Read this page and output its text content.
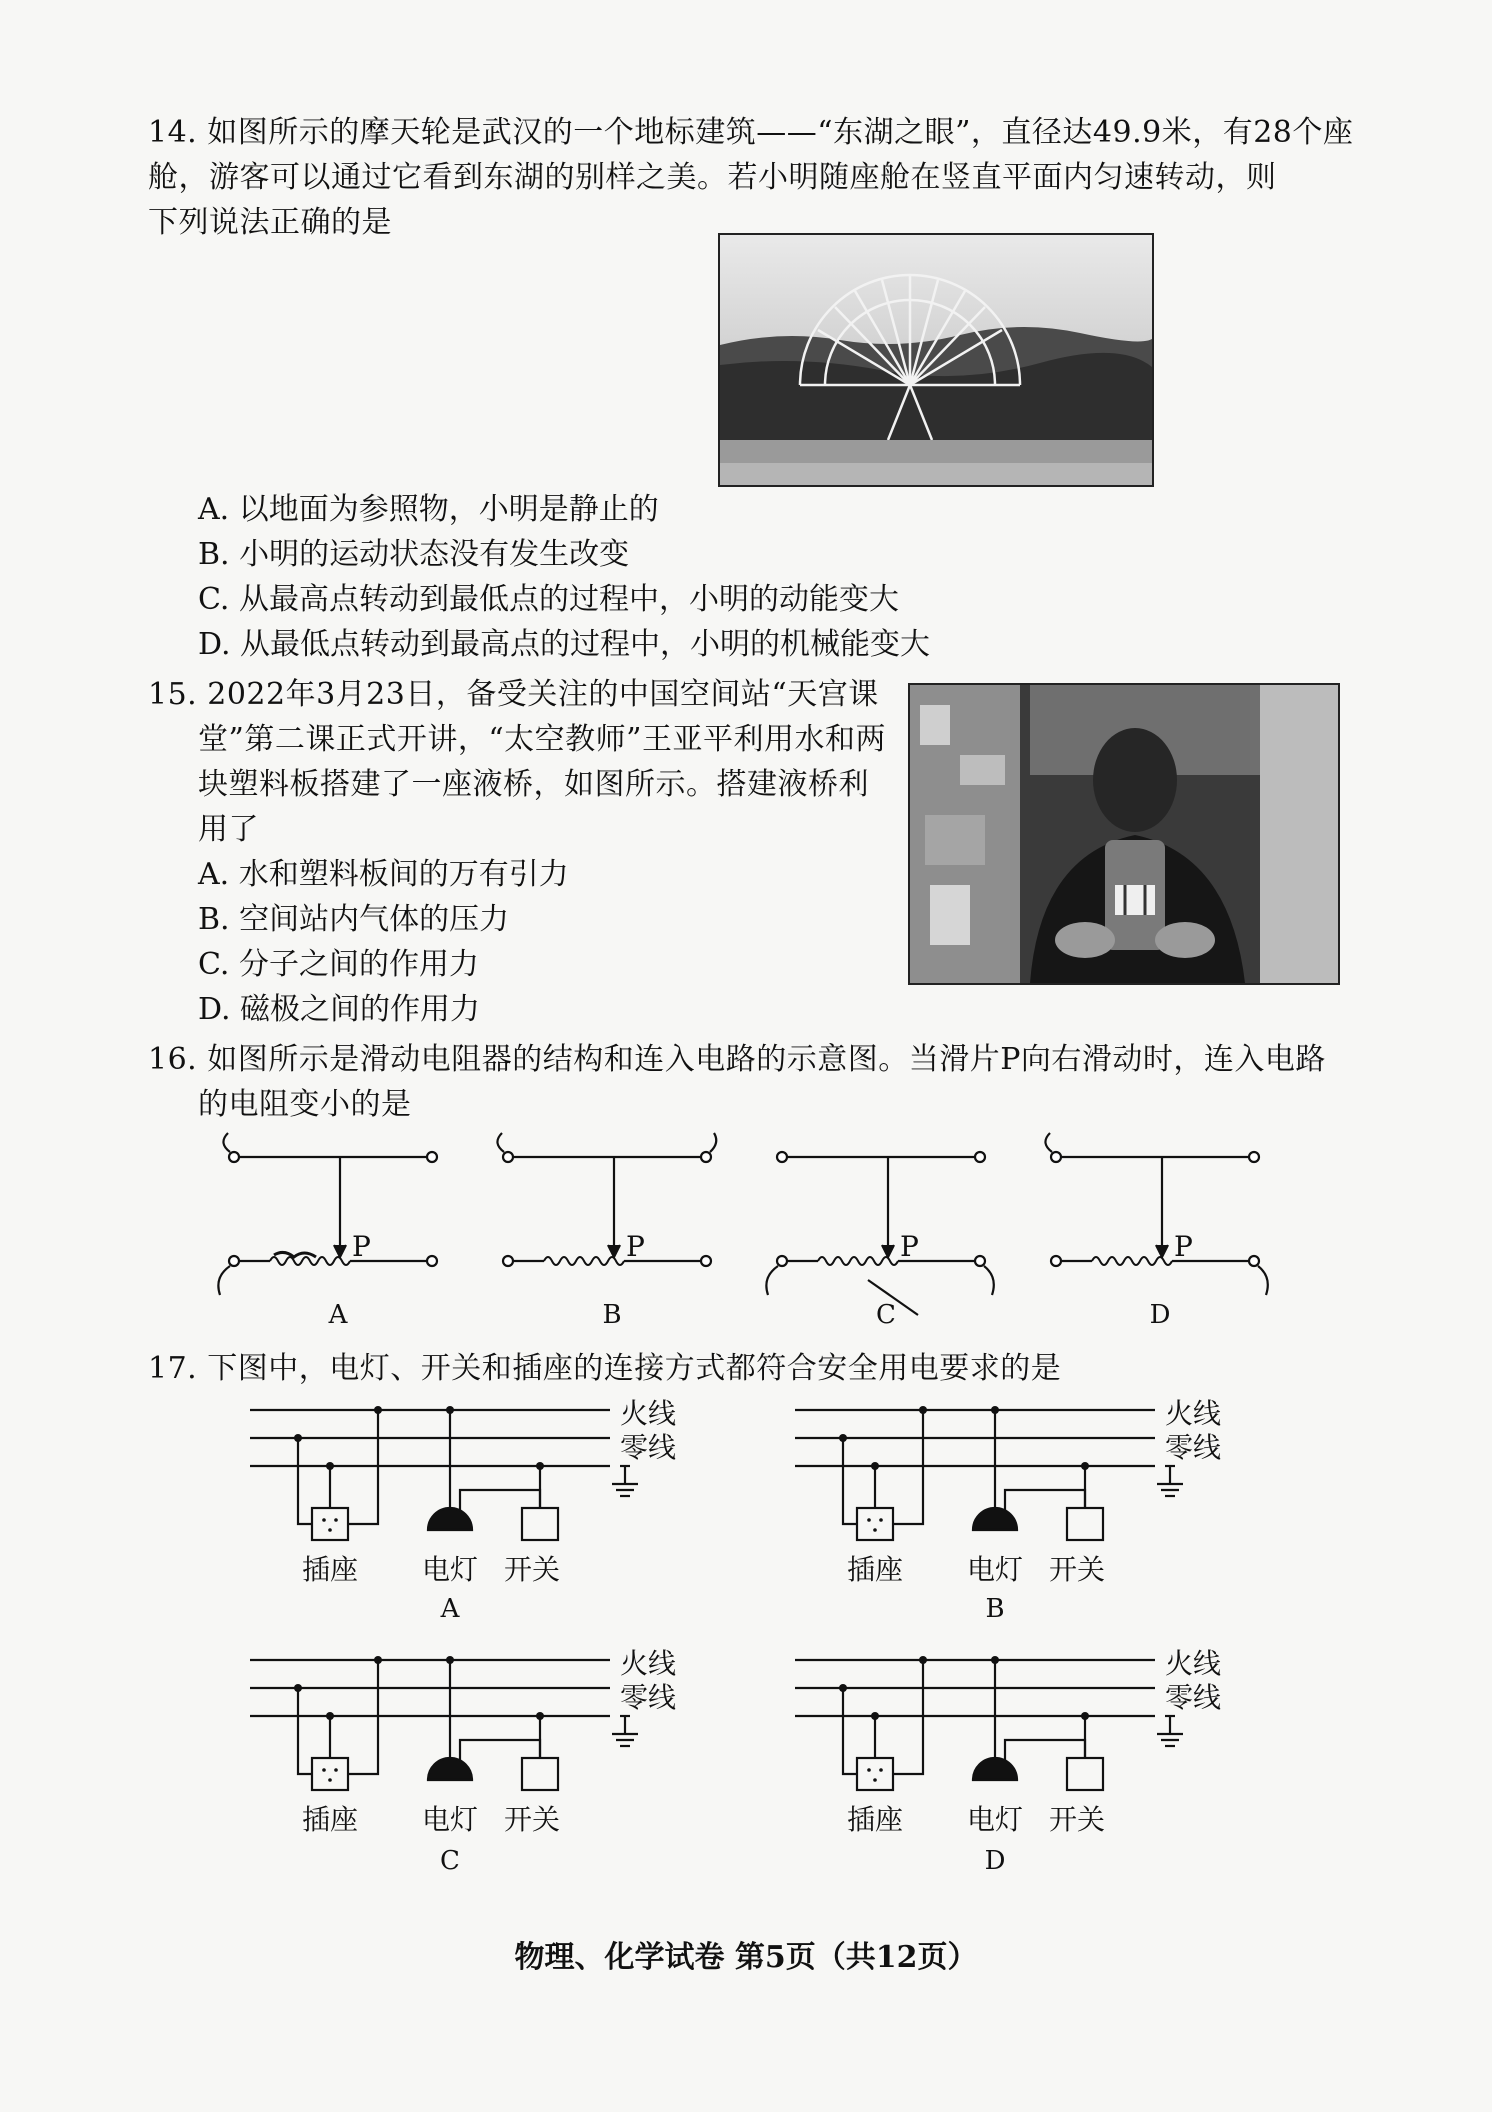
14. 如图所示的摩天轮是武汉的一个地标建筑——“东湖之眼”，直径达49.9米，有28个座
舱，游客可以通过它看到东湖的别样之美。若小明随座舱在竖直平面内匀速转动，则
下列说法正确的是
A. 以地面为参照物，小明是静止的
B. 小明的运动状态没有发生改变
C. 从最高点转动到最低点的过程中，小明的动能变大
D. 从最低点转动到最高点的过程中，小明的机械能变大
15. 2022年3月23日，备受关注的中国空间站“天宫课
堂”第二课正式开讲，“太空教师”王亚平利用水和两
块塑料板搭建了一座液桥，如图所示。搭建液桥利
用了
A. 水和塑料板间的万有引力
B. 空间站内气体的压力
C. 分子之间的作用力
D. 磁极之间的作用力
16. 如图所示是滑动电阻器的结构和连入电路的示意图。当滑片P向右滑动时，连入电路
的电阻变小的是
P	P	P	P
A	B	C	D
17. 下图中，电灯、开关和插座的连接方式都符合安全用电要求的是
火线
零线
插座 电灯 开关
A
火线
零线
插座 电灯 开关
B
火线
零线
插座 电灯 开关
C
火线
零线
插座 电灯 开关
D
物理、化学试卷 第5页（共12页）
